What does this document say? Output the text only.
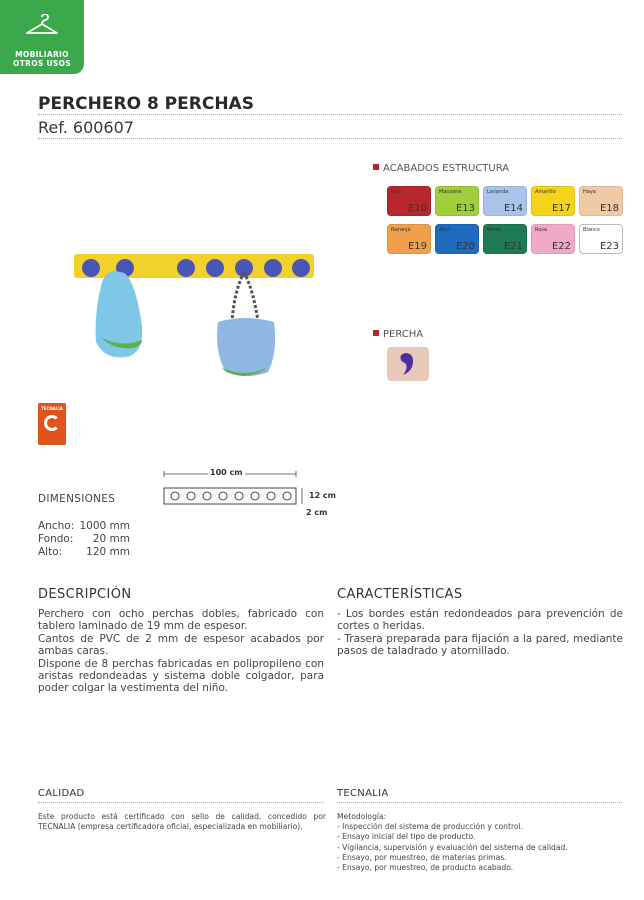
MOBILIARIO
OTROS USOS
PERCHERO 8 PERCHAS
Ref. 600607
TECNALIA
ACABADOS ESTRUCTURA
Rojo
E10
Manzana
E13
Lavanda
E14
Amarillo
E17
Haya
E18
Naranja
E19
Azul
E20
Verde
E21
Rosa
E22
Blanco
E23
PERCHA
DIMENSIONES
Ancho: 1000 mm
Fondo: 20 mm
Alto: 120 mm
100 cm
12 cm
2 cm
DESCRIPCIÓN

Perchero con ocho perchas dobles, fabricado con tablero laminado de 19 mm de espesor.

Cantos de PVC de 2 mm de espesor acabados por ambas caras.

Dispone de 8 perchas fabricadas en polipropileno con aristas redondeadas y sistema doble colgador, para poder colgar la vestimenta del niño.

CARACTERÍSTICAS

- Los bordes están redondeados para prevención de cortes o heridas.

- Trasera preparada para fijación a la pared, mediante pasos de taladrado y atornillado.

CALIDAD
Este producto está certificado con sello de calidad, concedido por TECNALIA (empresa certificadora oficial, especializada en mobiliario).
TECNALIA
Metodología:
- Inspección del sistema de producción y control.
- Ensayo inicial del tipo de producto.
- Vigilancia, supervisión y evaluación del sistema de calidad.
- Ensayo, por muestreo, de materias primas.
- Ensayo, por muestreo, de producto acabado.
